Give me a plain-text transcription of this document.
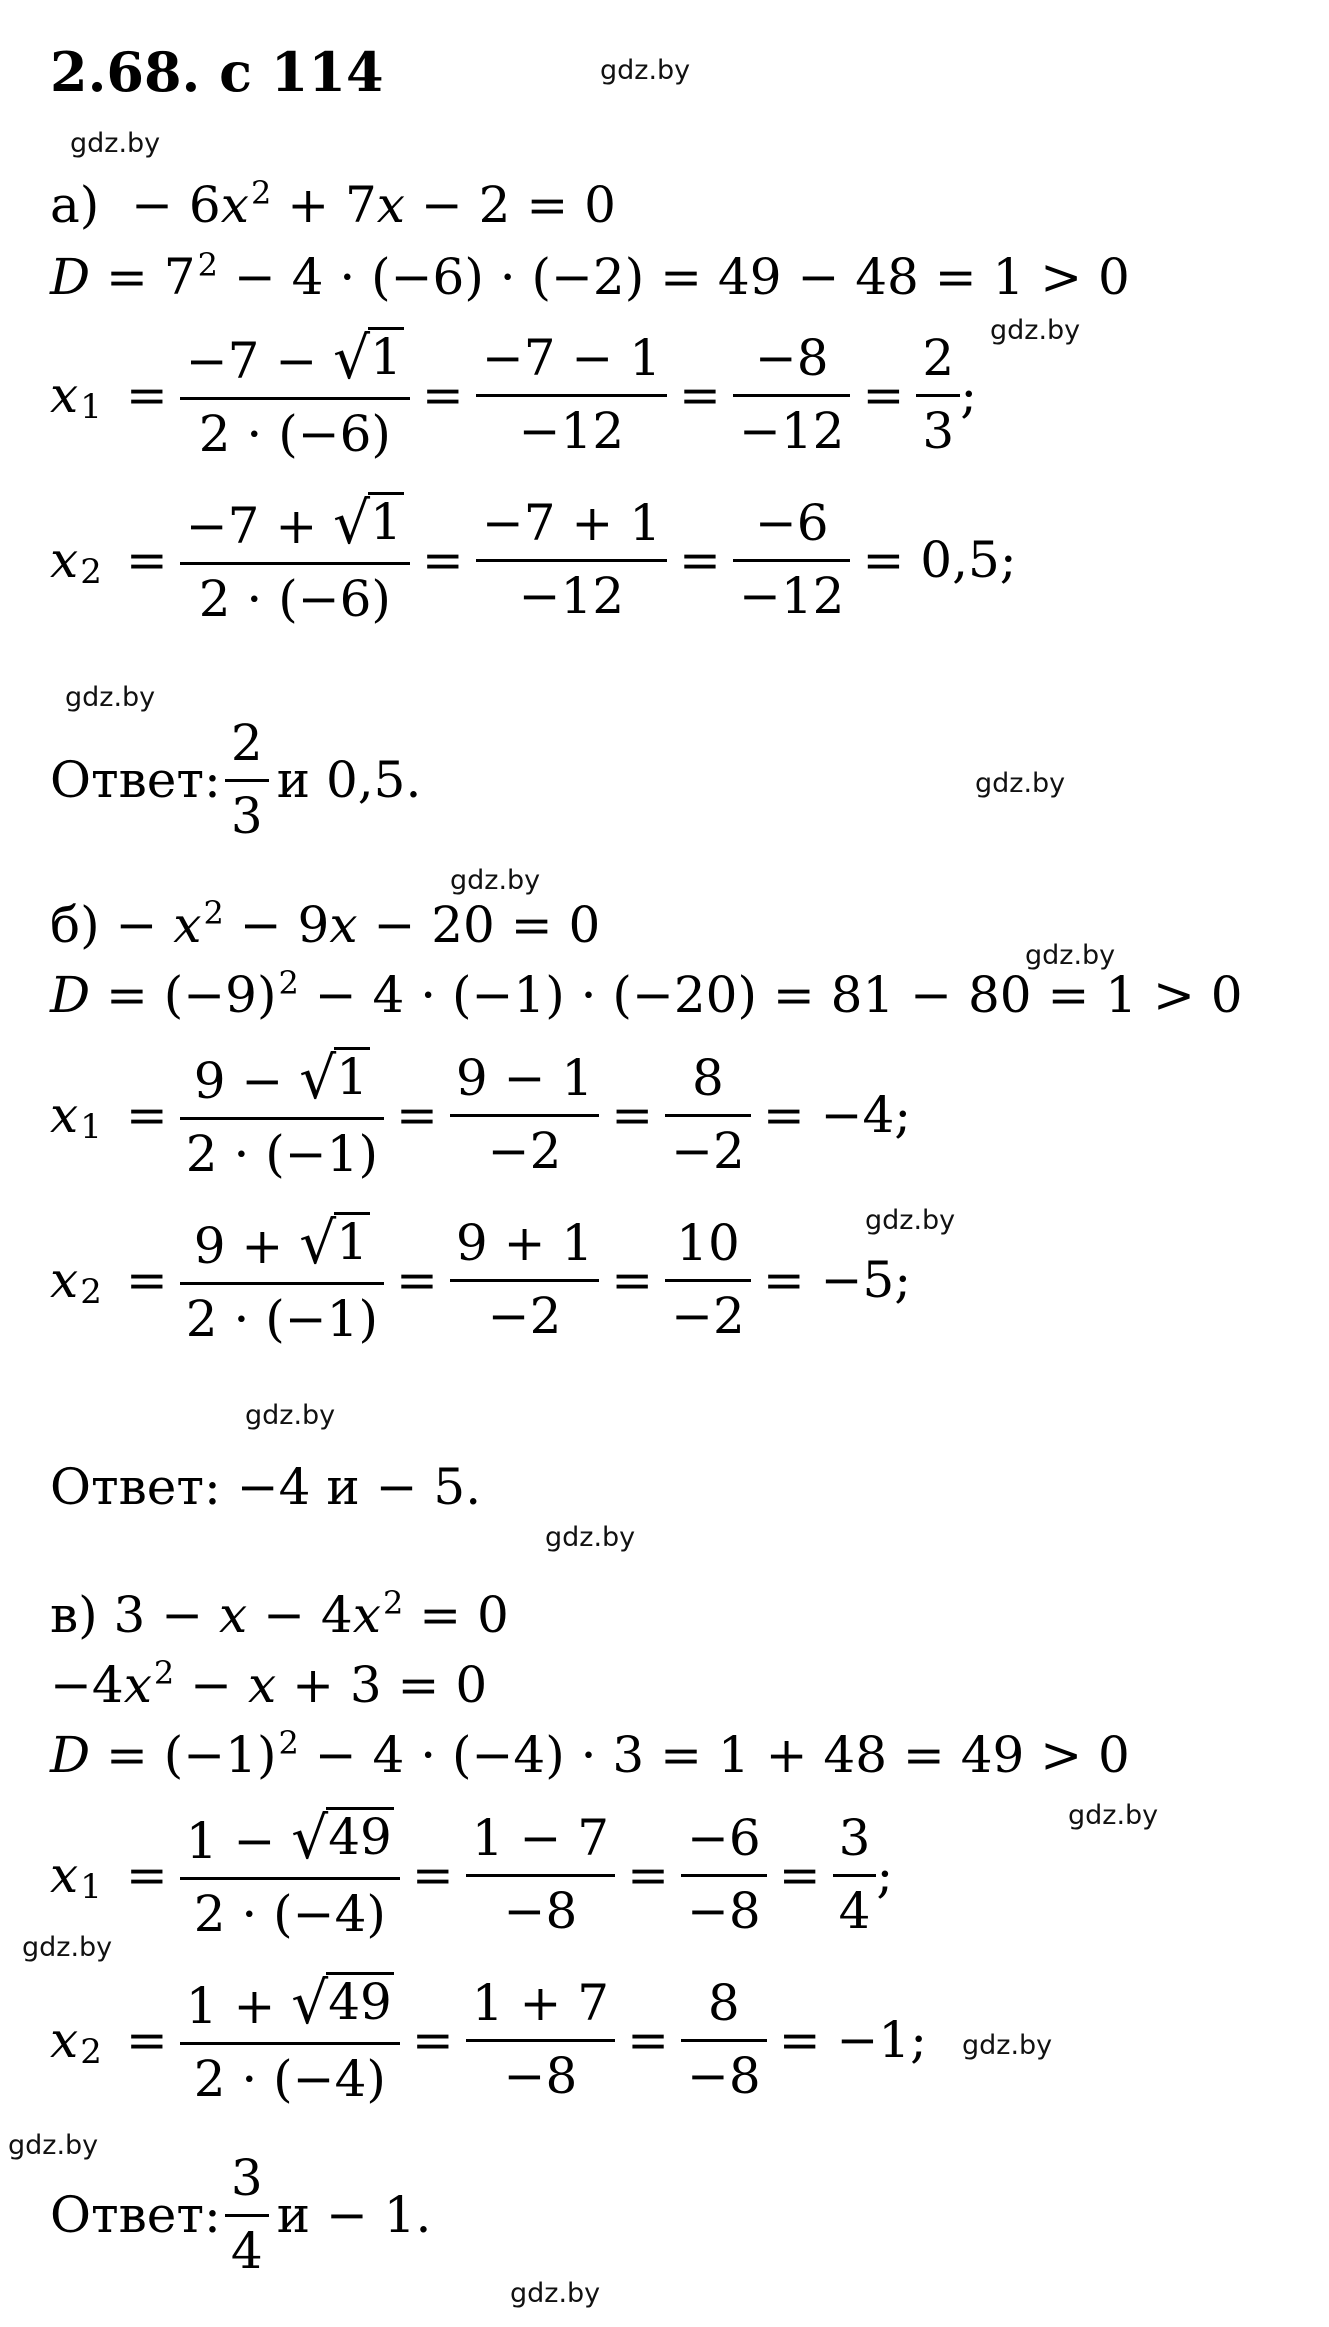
2.68. с 114	gdz.by
gdz.by
gdz.by
gdz.by
gdz.by
gdz.by
gdz.by
gdz.by
gdz.by
gdz.by
gdz.by
gdz.by
gdz.by
gdz.by
gdz.by
$а) - 6x^2 + 7x - 2 = 0$
$D = 7^2 - 4 \cdot (-6) \cdot (-2) = 49 - 48 = 1 > 0$
$x_1 = \frac{-7 - √ 1}{2 \cdot (-6)} = \frac{-7 - 1}{-12} = \frac{-8}{-12} = \frac{2}{3}$ ;
$x_2 = \frac{-7 + √ 1}{2 \cdot (-6)} = \frac{-7 + 1}{-12} = \frac{-6}{-12} = 0,5$;
Ответ: $\frac{2}{3}$ и 0,5.
$б) - x^2 - 9x - 20 = 0$
$D = (-9)^2 - 4 \cdot (-1) \cdot (-20) = 81 - 80 = 1 > 0$
$x_1 = \frac{9 - √ 1}{2 \cdot (-1)} = \frac{9 - 1}{-2} = \frac{8}{-2} = -4$;
$x_2 = \frac{9 + √ 1}{2 \cdot (-1)} = \frac{9 + 1}{-2} = \frac{10}{-2} = -5$;
Ответ: −4 и − 5.
в) $3 - x - 4x^2 = 0$
$-4x^2 - x + 3 = 0$
$D = (-1)^2 - 4 \cdot (-4) \cdot 3 = 1 + 48 = 49 > 0$
$x_1 = \frac{1 - √ 49}{2 \cdot (-4)} = \frac{1 - 7}{-8} = \frac{-6}{-8} = \frac{3}{4}$ ;
$x_2 = \frac{1 + √ 49}{2 \cdot (-4)} = \frac{1 + 7}{-8} = \frac{8}{-8} = -1$;
Ответ: $\frac{3}{4}$ и − 1.
